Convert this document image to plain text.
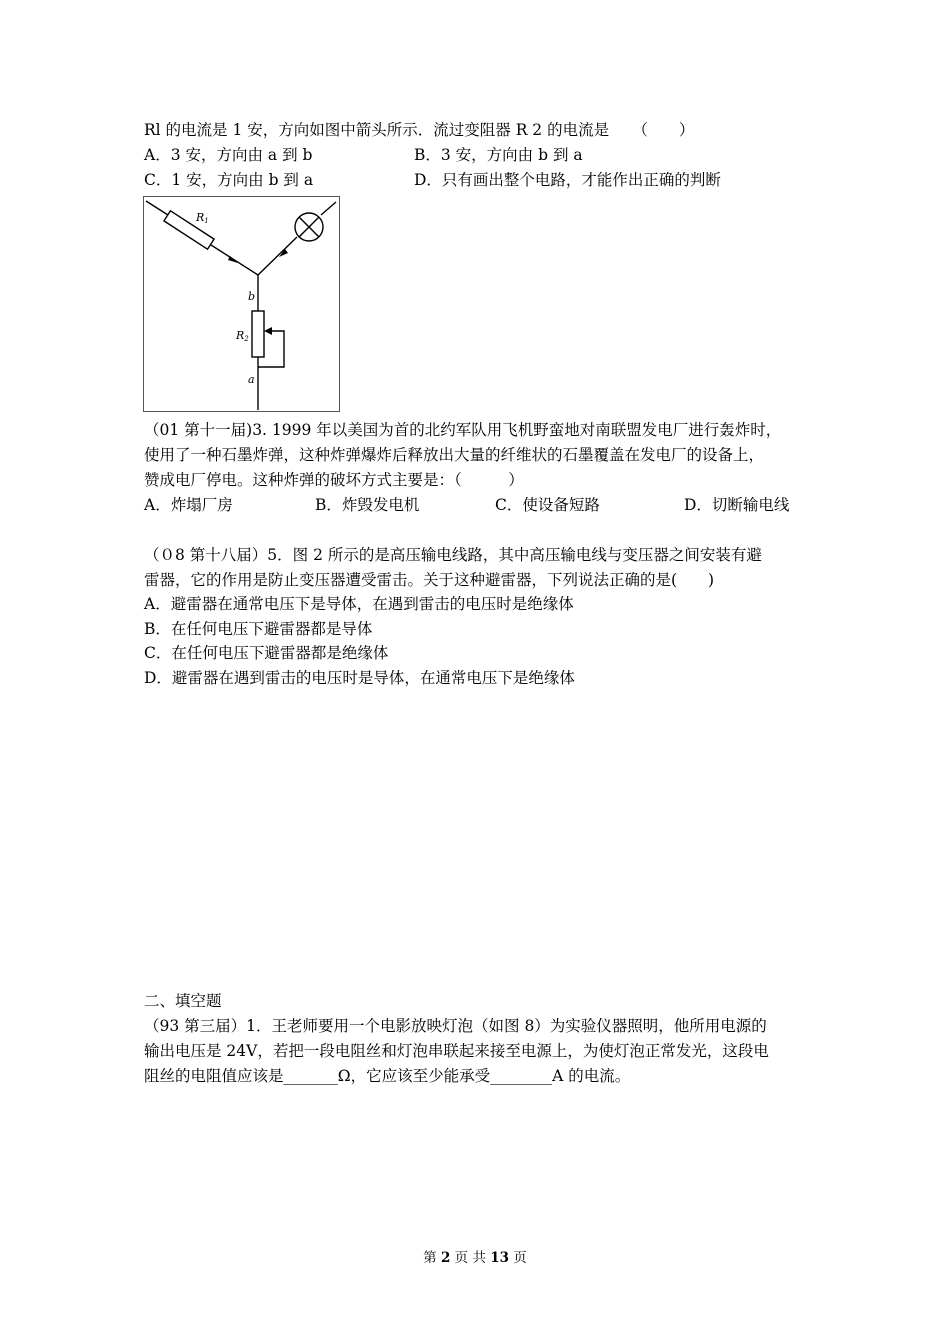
Rl 的电流是 1 安，方向如图中箭头所示．流过变阻器 R 2 的电流是　　（　　）
A．3 安，方向由 a 到 b	B．3 安，方向由 b 到 a
C．1 安，方向由 b 到 a	D．只有画出整个电路，才能作出正确的判断
R1
b
R2
a
（01 第十一届)3. 1999 年以美国为首的北约军队用飞机野蛮地对南联盟发电厂进行轰炸时，
使用了一种石墨炸弹，这种炸弹爆炸后释放出大量的纤维状的石墨覆盖在发电厂的设备上，
赞成电厂停电。这种炸弹的破坏方式主要是：（　　　）
A．炸塌厂房	B．炸毁发电机	C．使设备短路	D．切断输电线
（０8 第十八届）5．图 2 所示的是高压输电线路，其中高压输电线与变压器之间安装有避
雷器，它的作用是防止变压器遭受雷击。关于这种避雷器，下列说法正确的是(　　)
A．避雷器在通常电压下是导体，在遇到雷击的电压时是绝缘体
B．在任何电压下避雷器都是导体
C．在任何电压下避雷器都是绝缘体
D．避雷器在遇到雷击的电压时是导体，在通常电压下是绝缘体
二、填空题
（93 第三届）1．王老师要用一个电影放映灯泡（如图 8）为实验仪器照明，他所用电源的
输出电压是 24V，若把一段电阻丝和灯泡串联起来接至电源上，为使灯泡正常发光，这段电
阻丝的电阻值应该是_______Ω，它应该至少能承受________A 的电流。
第 2 页 共 13 页
